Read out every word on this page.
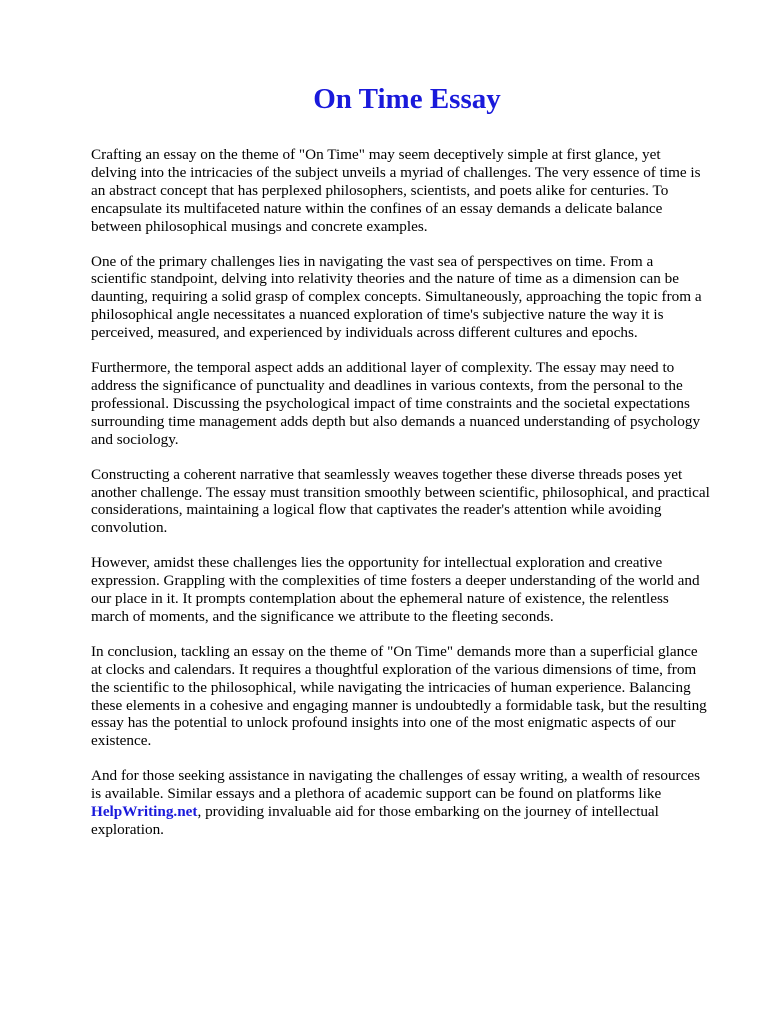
On Time Essay

Crafting an essay on the theme of "On Time" may seem deceptively simple at first glance, yet
delving into the intricacies of the subject unveils a myriad of challenges. The very essence of time is
an abstract concept that has perplexed philosophers, scientists, and poets alike for centuries. To
encapsulate its multifaceted nature within the confines of an essay demands a delicate balance
between philosophical musings and concrete examples.

One of the primary challenges lies in navigating the vast sea of perspectives on time. From a
scientific standpoint, delving into relativity theories and the nature of time as a dimension can be
daunting, requiring a solid grasp of complex concepts. Simultaneously, approaching the topic from a
philosophical angle necessitates a nuanced exploration of time's subjective nature the way it is
perceived, measured, and experienced by individuals across different cultures and epochs.

Furthermore, the temporal aspect adds an additional layer of complexity. The essay may need to
address the significance of punctuality and deadlines in various contexts, from the personal to the
professional. Discussing the psychological impact of time constraints and the societal expectations
surrounding time management adds depth but also demands a nuanced understanding of psychology
and sociology.

Constructing a coherent narrative that seamlessly weaves together these diverse threads poses yet
another challenge. The essay must transition smoothly between scientific, philosophical, and practical
considerations, maintaining a logical flow that captivates the reader's attention while avoiding
convolution.

However, amidst these challenges lies the opportunity for intellectual exploration and creative
expression. Grappling with the complexities of time fosters a deeper understanding of the world and
our place in it. It prompts contemplation about the ephemeral nature of existence, the relentless
march of moments, and the significance we attribute to the fleeting seconds.

In conclusion, tackling an essay on the theme of "On Time" demands more than a superficial glance
at clocks and calendars. It requires a thoughtful exploration of the various dimensions of time, from
the scientific to the philosophical, while navigating the intricacies of human experience. Balancing
these elements in a cohesive and engaging manner is undoubtedly a formidable task, but the resulting
essay has the potential to unlock profound insights into one of the most enigmatic aspects of our
existence.

And for those seeking assistance in navigating the challenges of essay writing, a wealth of resources
is available. Similar essays and a plethora of academic support can be found on platforms like
HelpWriting.net, providing invaluable aid for those embarking on the journey of intellectual
exploration.
